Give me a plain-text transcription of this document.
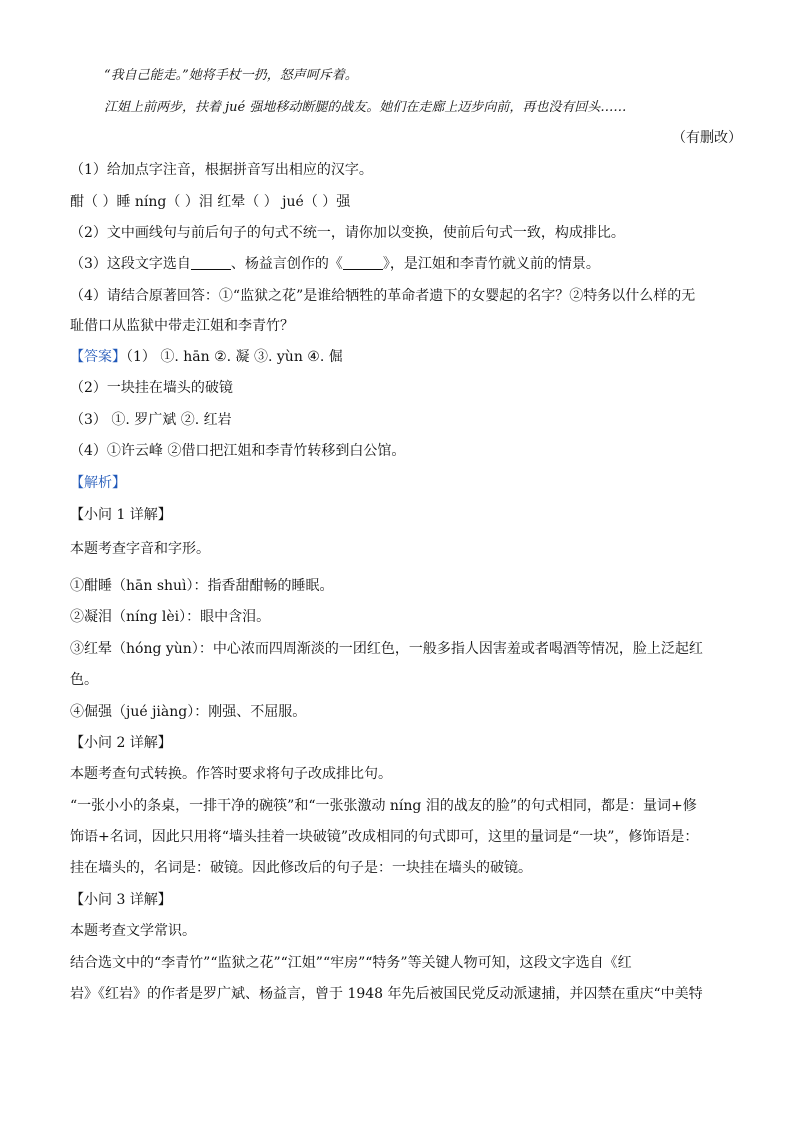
“我自己能走。”她将手杖一扔，怒声呵斥着。
江姐上前两步，扶着 jué 强地移动断腿的战友。她们在走廊上迈步向前，再也没有回头……
（有删改）
（1）给加点字注音，根据拼音写出相应的汉字。
酣（ ）睡 níng（ ）泪 红晕（ ） jué（ ）强
（2）文中画线句与前后句子的句式不统一，请你加以变换，使前后句式一致，构成排比。
（3）这段文字选自	、杨益言创作的《	》，是江姐和李青竹就义前的情景。
（4）请结合原著回答：①“监狱之花”是谁给牺牲的革命者遗下的女婴起的名字？②特务以什么样的无
耻借口从监狱中带走江姐和李青竹？
【答案】（1） ①. hān ②. 凝 ③. yùn ④. 倔
（2）一块挂在墙头的破镜
（3） ①. 罗广斌 ②. 红岩
（4）①许云峰 ②借口把江姐和李青竹转移到白公馆。
【解析】
【小问 1 详解】
本题考查字音和字形。
①酣睡（hān shuì）：指香甜酣畅的睡眠。
②凝泪（níng lèi）：眼中含泪。
③红晕（hóng yùn）：中心浓而四周渐淡的一团红色，一般多指人因害羞或者喝酒等情况，脸上泛起红
色。
④倔强（jué jiàng）：刚强、不屈服。
【小问 2 详解】
本题考查句式转换。作答时要求将句子改成排比句。
“一张小小的条桌，一排干净的碗筷”和“一张张激动 níng 泪的战友的脸”的句式相同，都是：量词+修
饰语+名词，因此只用将“墙头挂着一块破镜”改成相同的句式即可，这里的量词是“一块”，修饰语是：
挂在墙头的，名词是：破镜。因此修改后的句子是：一块挂在墙头的破镜。
【小问 3 详解】
本题考查文学常识。
结合选文中的“李青竹”“监狱之花”“江姐”“牢房”“特务”等关键人物可知，这段文字选自《红
岩》《红岩》的作者是罗广斌、杨益言，曾于 1948 年先后被国民党反动派逮捕，并囚禁在重庆“中美特
